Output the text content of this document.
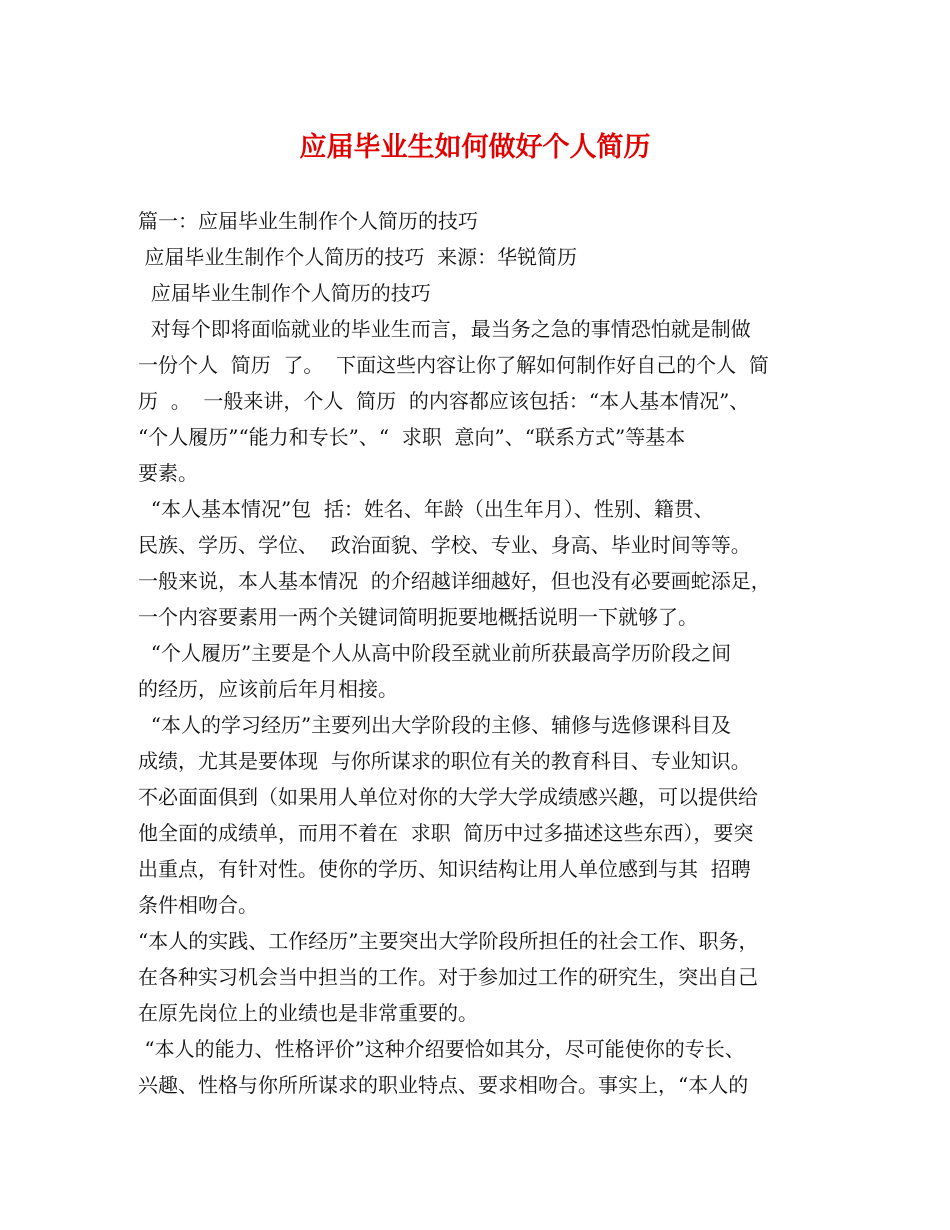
应届毕业生如何做好个人简历
篇一：应届毕业生制作个人简历的技巧
应届毕业生制作个人简历的技巧  来源：华锐简历
应届毕业生制作个人简历的技巧
对每个即将面临就业的毕业生而言，最当务之急的事情恐怕就是制做
一份个人  简历  了。  下面这些内容让你了解如何制作好自己的个人  简
历  。  一般来讲，个人  简历  的内容都应该包括：“本人基本情况”、
“个人履历”“能力和专长”、“  求职  意向”、“联系方式”等基本
要素。
“本人基本情况”包  括：姓名、年龄（出生年月）、性别、籍贯、
民族、学历、学位、  政治面貌、学校、专业、身高、毕业时间等等。
一般来说，本人基本情况  的介绍越详细越好，但也没有必要画蛇添足，
一个内容要素用一两个关键词简明扼要地概括说明一下就够了。
“个人履历”主要是个人从高中阶段至就业前所获最高学历阶段之间
的经历，应该前后年月相接。
“本人的学习经历”主要列出大学阶段的主修、辅修与选修课科目及
成绩，尤其是要体现  与你所谋求的职位有关的教育科目、专业知识。
不必面面俱到（如果用人单位对你的大学大学成绩感兴趣，可以提供给
他全面的成绩单，而用不着在  求职  简历中过多描述这些东西），要突
出重点，有针对性。使你的学历、知识结构让用人单位感到与其  招聘
条件相吻合。
“本人的实践、工作经历”主要突出大学阶段所担任的社会工作、职务，
在各种实习机会当中担当的工作。对于参加过工作的研究生，突出自己
在原先岗位上的业绩也是非常重要的。
“本人的能力、性格评价”这种介绍要恰如其分，尽可能使你的专长、
兴趣、性格与你所所谋求的职业特点、要求相吻合。事实上，“本人的
